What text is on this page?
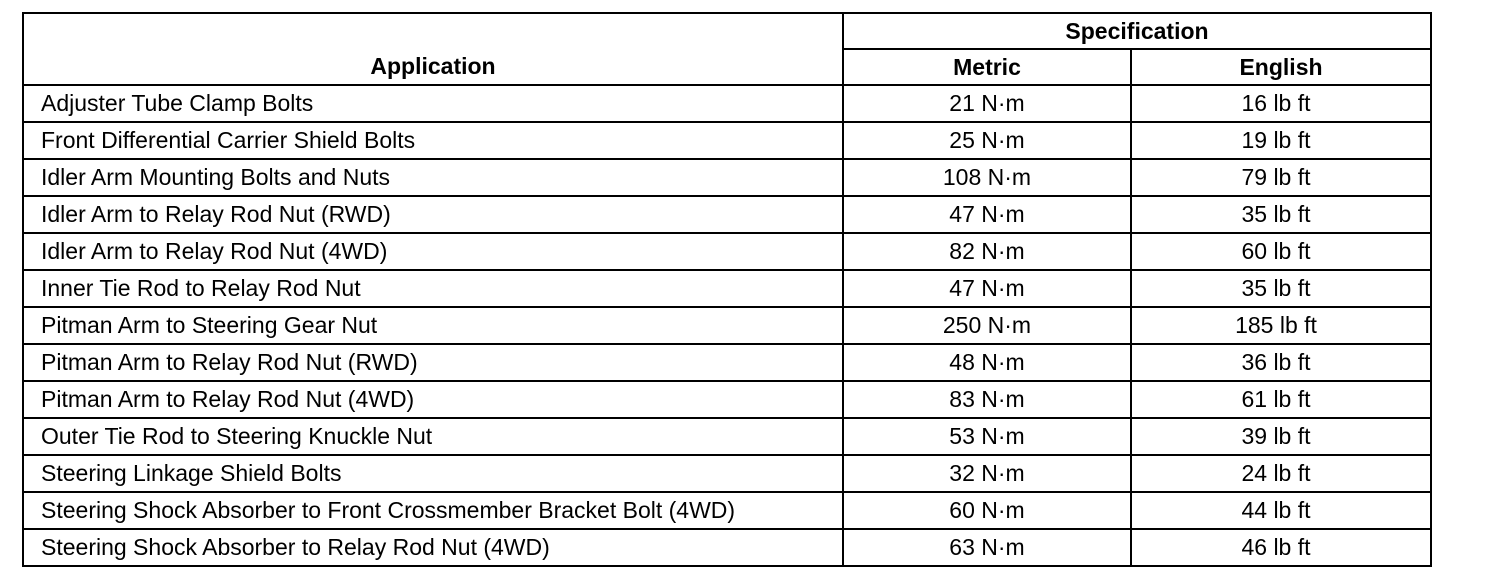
Application	Specification	
	Metric	English
Adjuster Tube Clamp Bolts	21 N·m	16 lb ft
Front Differential Carrier Shield Bolts	25 N·m	19 lb ft
Idler Arm Mounting Bolts and Nuts	108 N·m	79 lb ft
Idler Arm to Relay Rod Nut (RWD)	47 N·m	35 lb ft
Idler Arm to Relay Rod Nut (4WD)	82 N·m	60 lb ft
Inner Tie Rod to Relay Rod Nut	47 N·m	35 lb ft
Pitman Arm to Steering Gear Nut	250 N·m	185 lb ft
Pitman Arm to Relay Rod Nut (RWD)	48 N·m	36 lb ft
Pitman Arm to Relay Rod Nut (4WD)	83 N·m	61 lb ft
Outer Tie Rod to Steering Knuckle Nut	53 N·m	39 lb ft
Steering Linkage Shield Bolts	32 N·m	24 lb ft
Steering Shock Absorber to Front Crossmember Bracket Bolt (4WD)	60 N·m	44 lb ft
Steering Shock Absorber to Relay Rod Nut (4WD)	63 N·m	46 lb ft
